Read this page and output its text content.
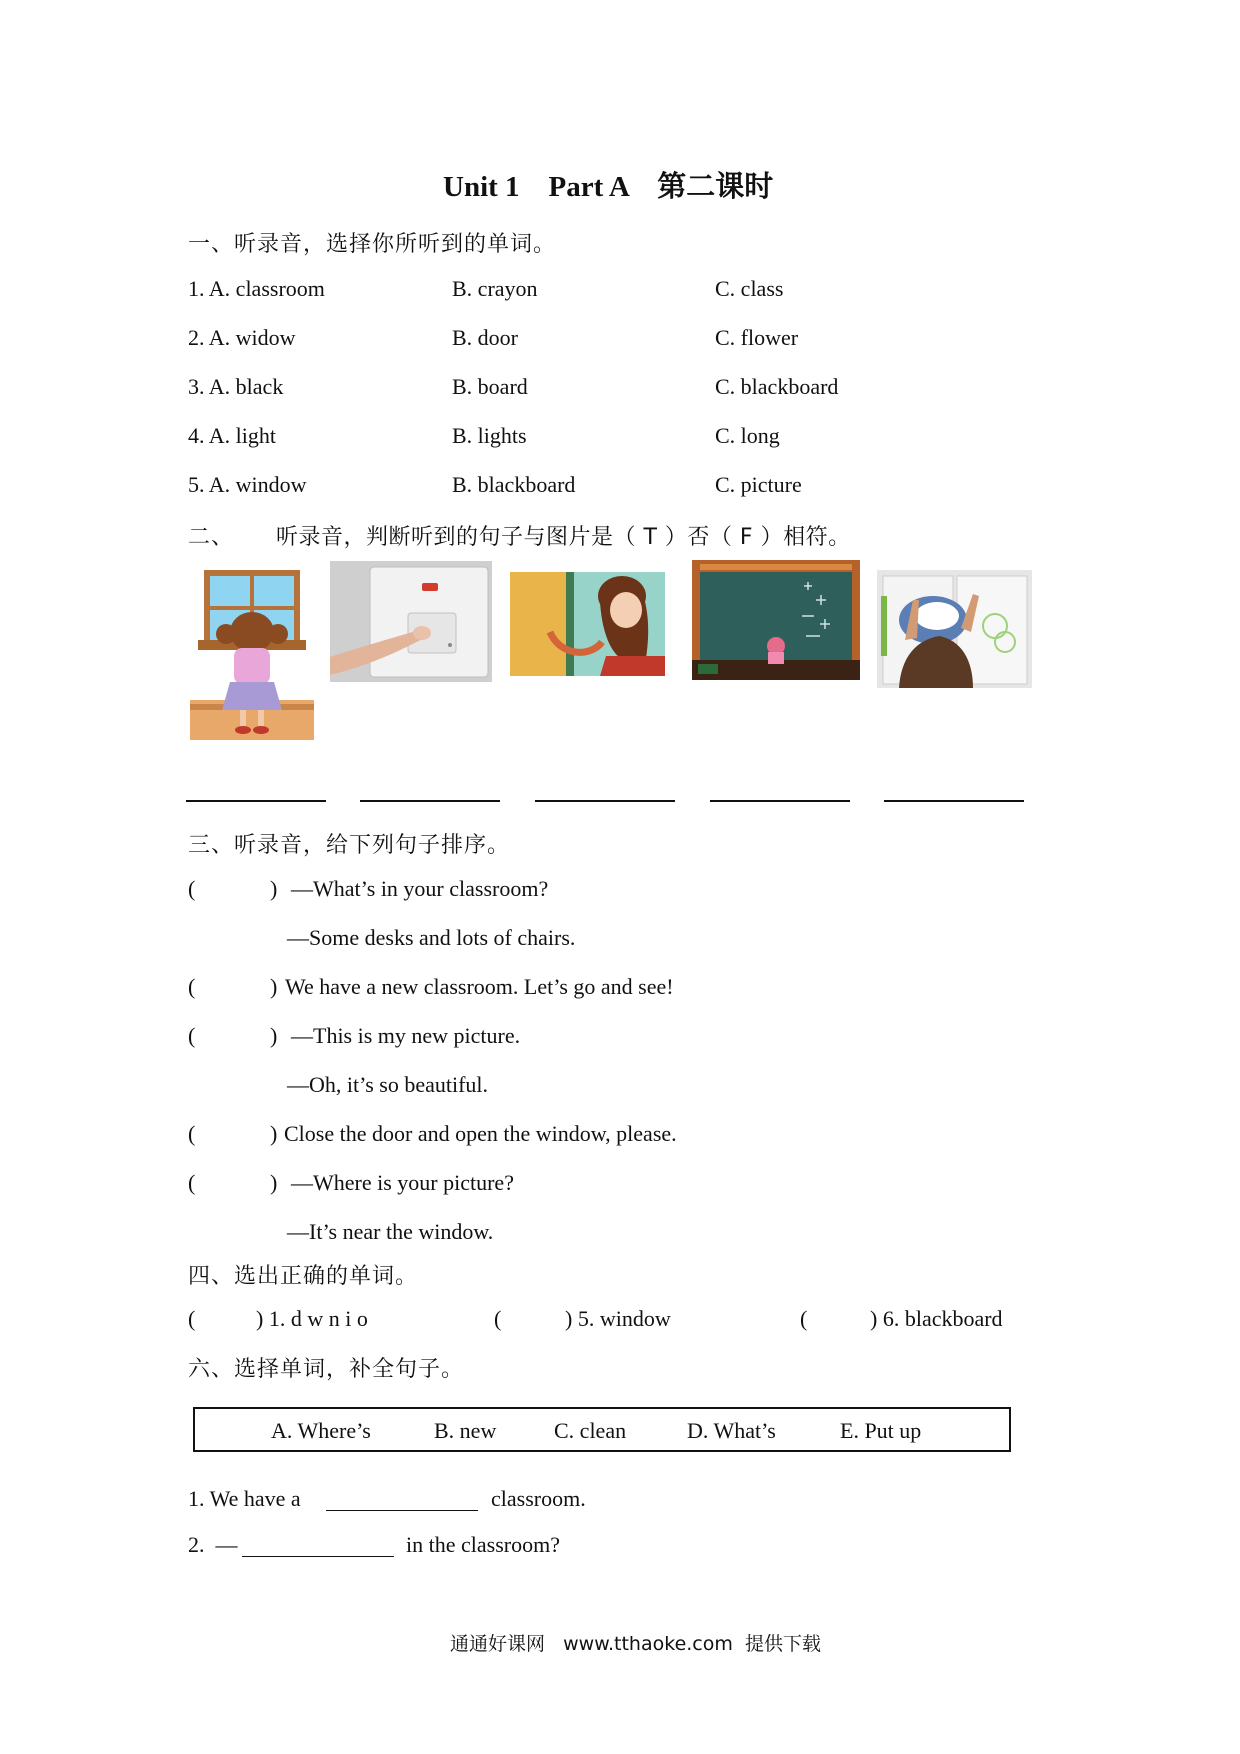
Unit 1    Part A    第二课时
一、听录音，选择你所听到的单词。
1. A. classroom	B. crayon	C. class
2. A. widow	B. door	C. flower
3. A. black	B. board	C. blackboard
4. A. light	B. lights	C. long
5. A. window	B. blackboard	C. picture
二、 听录音，判断听到的句子与图片是（ T ）否（ F ）相符。
三、听录音，给下列句子排序。
(	) —What’s in your classroom?
—Some desks and lots of chairs.
(	) We have a new classroom. Let’s go and see!
(	) —This is my new picture.
—Oh, it’s so beautiful.
(	) Close the door and open the window, please.
(	) —Where is your picture?
—It’s near the window.
四、选出正确的单词。
(	) 1. d w n i o	(	) 5. window	(	) 6. blackboard
六、选择单词，补全句子。
A. Where’s	B. new	C. clean	D. What’s	E. Put up
1. We have a	classroom.
2.  —	in the classroom?
通通好课网   www.tthaoke.com  提供下载
